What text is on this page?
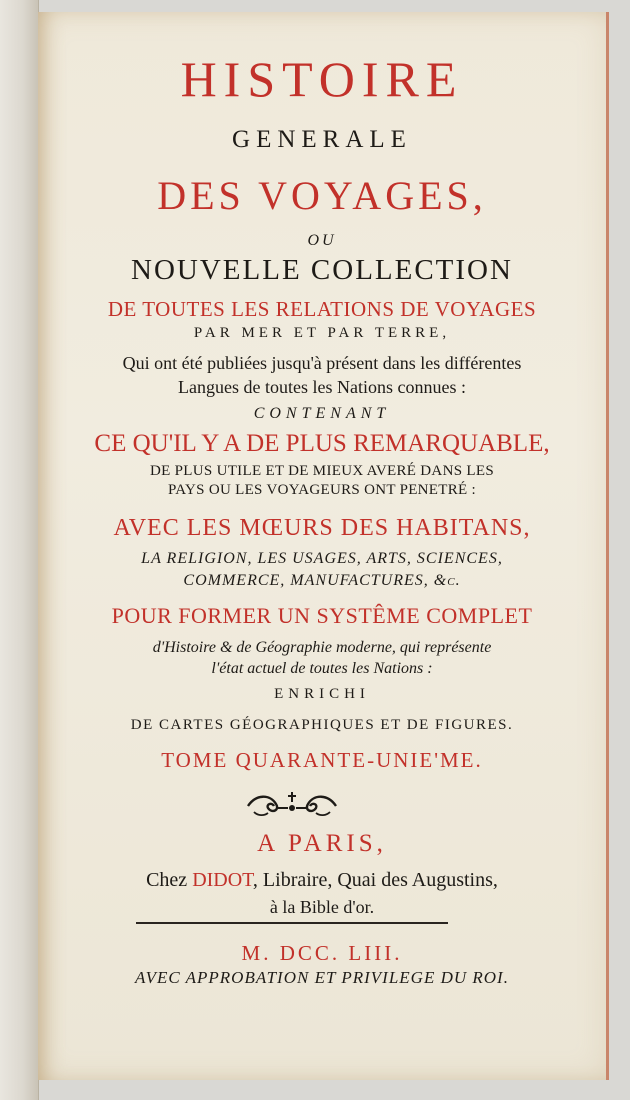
HISTOIRE
GENERALE
DES VOYAGES,
OU
NOUVELLE COLLECTION
DE TOUTES LES RELATIONS DE VOYAGES
PAR MER ET PAR TERRE,
Qui ont été publiées jusqu'à présent dans les différentes
Langues de toutes les Nations connues :
CONTENANT
CE QU'IL Y A DE PLUS REMARQUABLE,
DE PLUS UTILE ET DE MIEUX AVERÉ DANS LES
PAYS OU LES VOYAGEURS ONT PENETRÉ :
AVEC LES MŒURS DES HABITANS,
LA RELIGION, LES USAGES, ARTS, SCIENCES,
COMMERCE, MANUFACTURES, &c.
POUR FORMER UN SYSTÊME COMPLET
d'Histoire & de Géographie moderne, qui représente
l'état actuel de toutes les Nations :
ENRICHI
DE CARTES GÉOGRAPHIQUES ET DE FIGURES.
TOME QUARANTE-UNIE'ME.
A PARIS,
Chez DIDOT, Libraire, Quai des Augustins,
à la Bible d'or.
M. DCC. LIII.
AVEC APPROBATION ET PRIVILEGE DU ROI.
